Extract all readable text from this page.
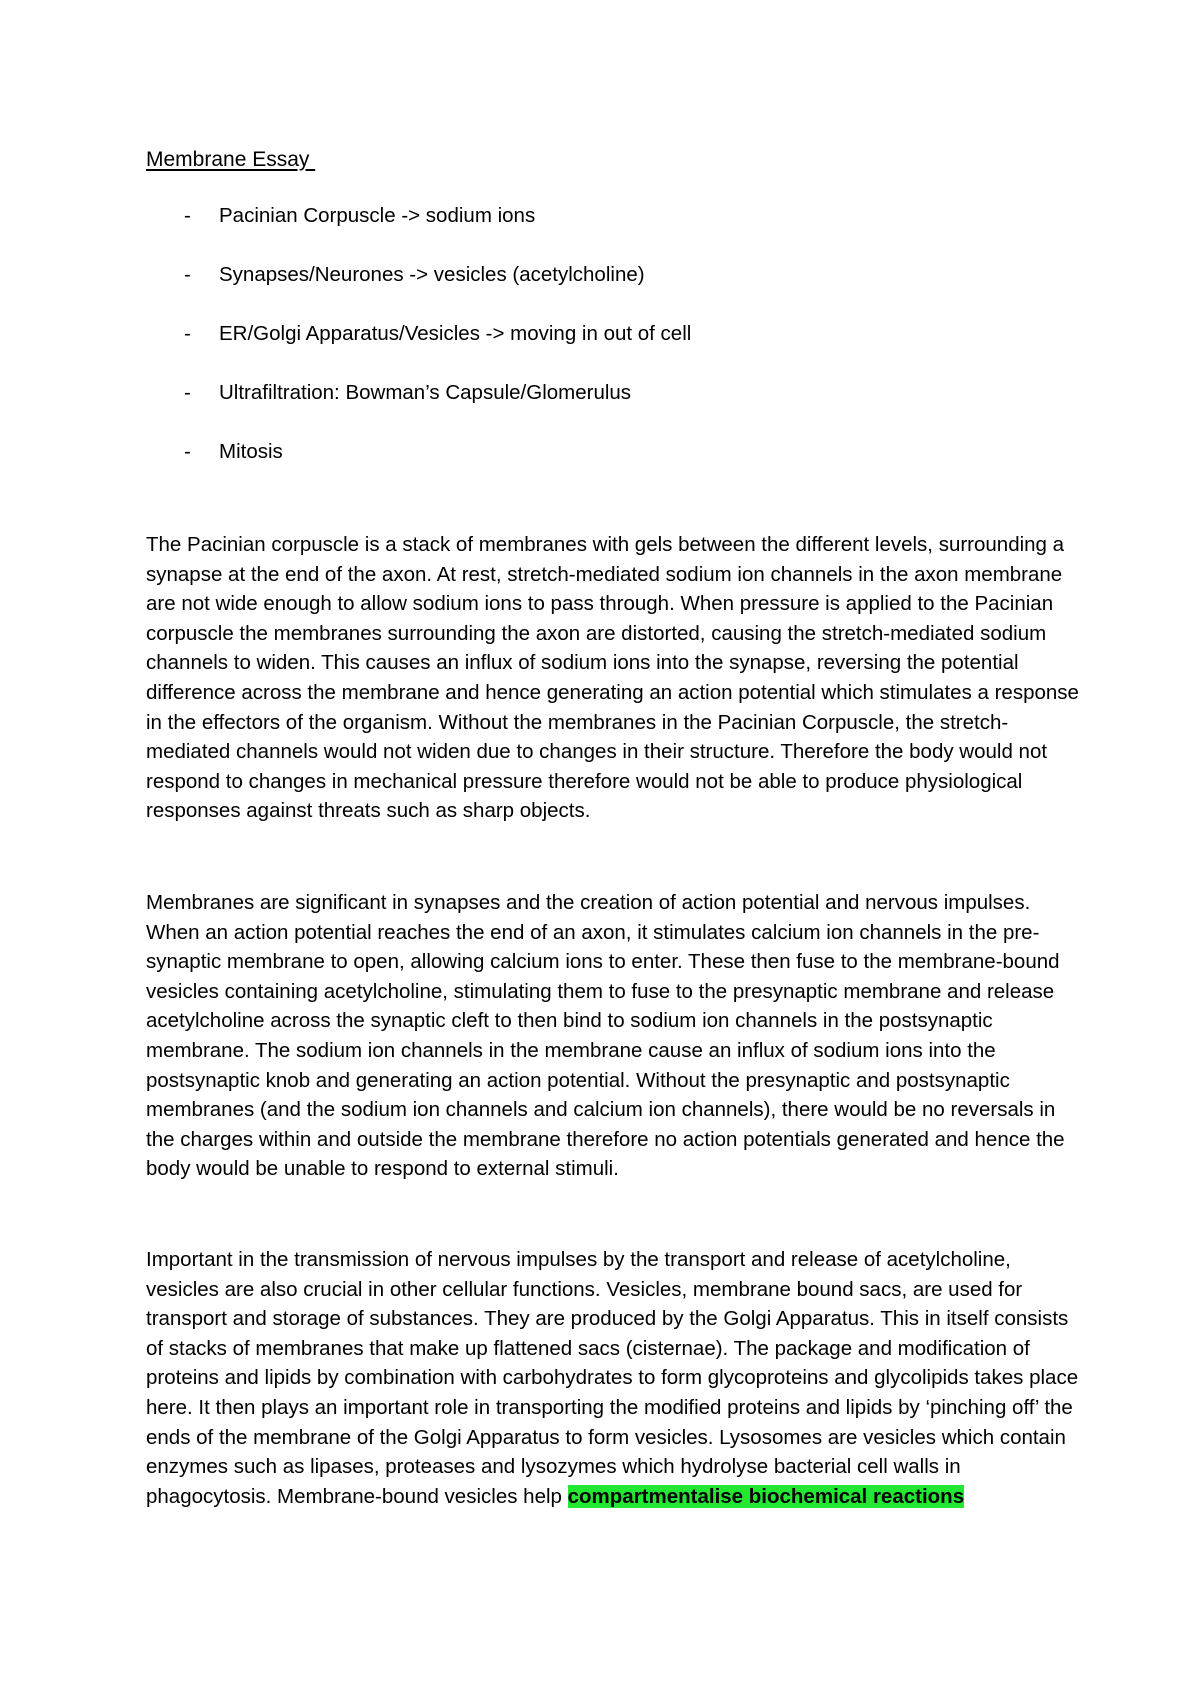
Membrane Essay
-	Pacinian Corpuscle -> sodium ions
-	Synapses/Neurones -> vesicles (acetylcholine)
-	ER/Golgi Apparatus/Vesicles -> moving in out of cell
-	Ultrafiltration: Bowman’s Capsule/Glomerulus
-	Mitosis

The Pacinian corpuscle is a stack of membranes with gels between the different levels, surrounding a synapse at the end of the axon. At rest, stretch-mediated sodium ion channels in the axon membrane are not wide enough to allow sodium ions to pass through. When pressure is applied to the Pacinian corpuscle the membranes surrounding the axon are distorted, causing the stretch-mediated sodium channels to widen. This causes an influx of sodium ions into the synapse, reversing the potential difference across the membrane and hence generating an action potential which stimulates a response in the effectors of the organism. Without the membranes in the Pacinian Corpuscle, the stretch-mediated channels would not widen due to changes in their structure. Therefore the body would not respond to changes in mechanical pressure therefore would not be able to produce physiological responses against threats such as sharp objects.

Membranes are significant in synapses and the creation of action potential and nervous impulses. When an action potential reaches the end of an axon, it stimulates calcium ion channels in the pre-synaptic membrane to open, allowing calcium ions to enter. These then fuse to the membrane-bound vesicles containing acetylcholine, stimulating them to fuse to the presynaptic membrane and release acetylcholine across the synaptic cleft to then bind to sodium ion channels in the postsynaptic membrane. The sodium ion channels in the membrane cause an influx of sodium ions into the postsynaptic knob and generating an action potential. Without the presynaptic and postsynaptic membranes (and the sodium ion channels and calcium ion channels), there would be no reversals in the charges within and outside the membrane therefore no action potentials generated and hence the body would be unable to respond to external stimuli.

Important in the transmission of nervous impulses by the transport and release of acetylcholine, vesicles are also crucial in other cellular functions. Vesicles, membrane bound sacs, are used for transport and storage of substances. They are produced by the Golgi Apparatus. This in itself consists of stacks of membranes that make up flattened sacs (cisternae). The package and modification of proteins and lipids by combination with carbohydrates to form glycoproteins and glycolipids takes place here. It then plays an important role in transporting the modified proteins and lipids by ‘pinching off’ the ends of the membrane of the Golgi Apparatus to form vesicles. Lysosomes are vesicles which contain enzymes such as lipases, proteases and lysozymes which hydrolyse bacterial cell walls in phagocytosis. Membrane-bound vesicles help compartmentalise biochemical reactions
